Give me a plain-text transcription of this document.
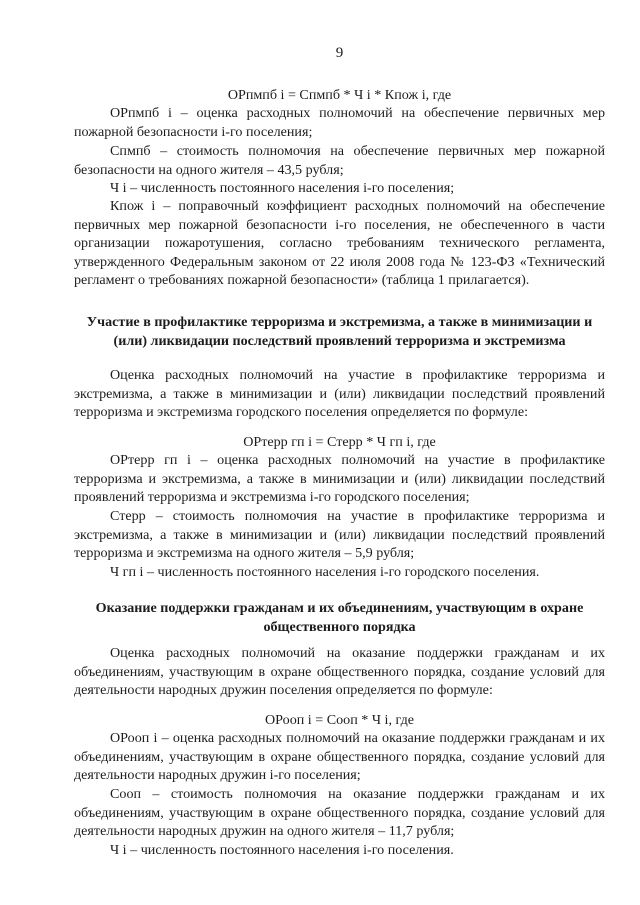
9
ОРпмпб i = Спмпб * Ч i * Кпож i, где

ОРпмпб i – оценка расходных полномочий на обеспечение первичных мер пожарной безопасности i-го поселения;

Спмпб – стоимость полномочия на обеспечение первичных мер пожарной безопасности на одного жителя – 43,5 рубля;

Ч i – численность постоянного населения i-го поселения;

Кпож i – поправочный коэффициент расходных полномочий на обеспечение первичных мер пожарной безопасности i-го поселения, не обеспеченного в части организации пожаротушения, согласно требованиям технического регламента, утвержденного Федеральным законом от 22 июля 2008 года № 123-ФЗ «Технический регламент о требованиях пожарной безопасности» (таблица 1 прилагается).

Участие в профилактике терроризма и экстремизма, а также в минимизации и (или) ликвидации последствий проявлений терроризма и экстремизма

Оценка расходных полномочий на участие в профилактике терроризма и экстремизма, а также в минимизации и (или) ликвидации последствий проявлений терроризма и экстремизма городского поселения определяется по формуле:

ОРтерр гп i = Стерр * Ч гп i, где

ОРтерр гп i – оценка расходных полномочий на участие в профилактике терроризма и экстремизма, а также в минимизации и (или) ликвидации последствий проявлений терроризма и экстремизма i-го городского поселения;

Стерр – стоимость полномочия на участие в профилактике терроризма и экстремизма, а также в минимизации и (или) ликвидации последствий проявлений терроризма и экстремизма на одного жителя – 5,9 рубля;

Ч гп i – численность постоянного населения i-го городского поселения.

Оказание поддержки гражданам и их объединениям, участвующим в охране общественного порядка

Оценка расходных полномочий на оказание поддержки гражданам и их объединениям, участвующим в охране общественного порядка, создание условий для деятельности народных дружин поселения определяется по формуле:

ОРооп i = Сооп * Ч i, где

ОРооп i – оценка расходных полномочий на оказание поддержки гражданам и их объединениям, участвующим в охране общественного порядка, создание условий для деятельности народных дружин i-го поселения;

Сооп – стоимость полномочия на оказание поддержки гражданам и их объединениям, участвующим в охране общественного порядка, создание условий для деятельности народных дружин на одного жителя – 11,7 рубля;

Ч i – численность постоянного населения i-го поселения.
